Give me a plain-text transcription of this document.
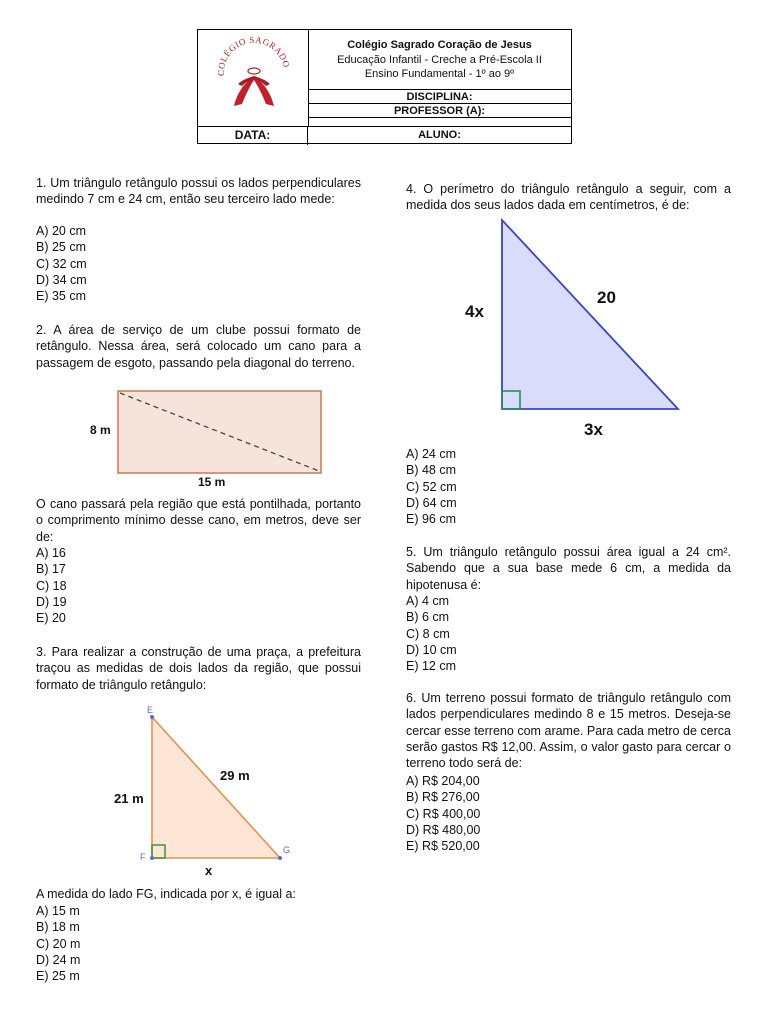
COLÉGIO SAGRADO
Colégio Sagrado Coração de Jesus
Educação Infantil - Creche a Pré-Escola II
Ensino Fundamental - 1º ao 9º
DISCIPLINA:
PROFESSOR (A):
DATA:	ALUNO:
1. Um triângulo retângulo possui os lados perpendiculares medindo 7 cm e 24 cm, então seu terceiro lado mede:
A) 20 cm
B) 25 cm
C) 32 cm
D) 34 cm
E) 35 cm
2. A área de serviço de um clube possui formato de retângulo. Nessa área, será colocado um cano para a passagem de esgoto, passando pela diagonal do terreno.
8 m
15 m
O cano passará pela região que está pontilhada, portanto o comprimento mínimo desse cano, em metros, deve ser de:
A) 16
B) 17
C) 18
D) 19
E) 20
3. Para realizar a construção de uma praça, a prefeitura traçou as medidas de dois lados da região, que possui formato de triângulo retângulo:
E
F
G
21 m
29 m
x
A medida do lado FG, indicada por x, é igual a:
A) 15 m
B) 18 m
C) 20 m
D) 24 m
E) 25 m
4. O perímetro do triângulo retângulo a seguir, com a medida dos seus lados dada em centímetros, é de:
4x
20
3x
A) 24 cm
B) 48 cm
C) 52 cm
D) 64 cm
E) 96 cm
5. Um triângulo retângulo possui área igual a 24 cm². Sabendo que a sua base mede 6 cm, a medida da hipotenusa é:
A) 4 cm
B) 6 cm
C) 8 cm
D) 10 cm
E) 12 cm
6. Um terreno possui formato de triângulo retângulo com lados perpendiculares medindo 8 e 15 metros. Deseja-se cercar esse terreno com arame. Para cada metro de cerca serão gastos R$ 12,00. Assim, o valor gasto para cercar o terreno todo será de:
A) R$ 204,00
B) R$ 276,00
C) R$ 400,00
D) R$ 480,00
E) R$ 520,00
